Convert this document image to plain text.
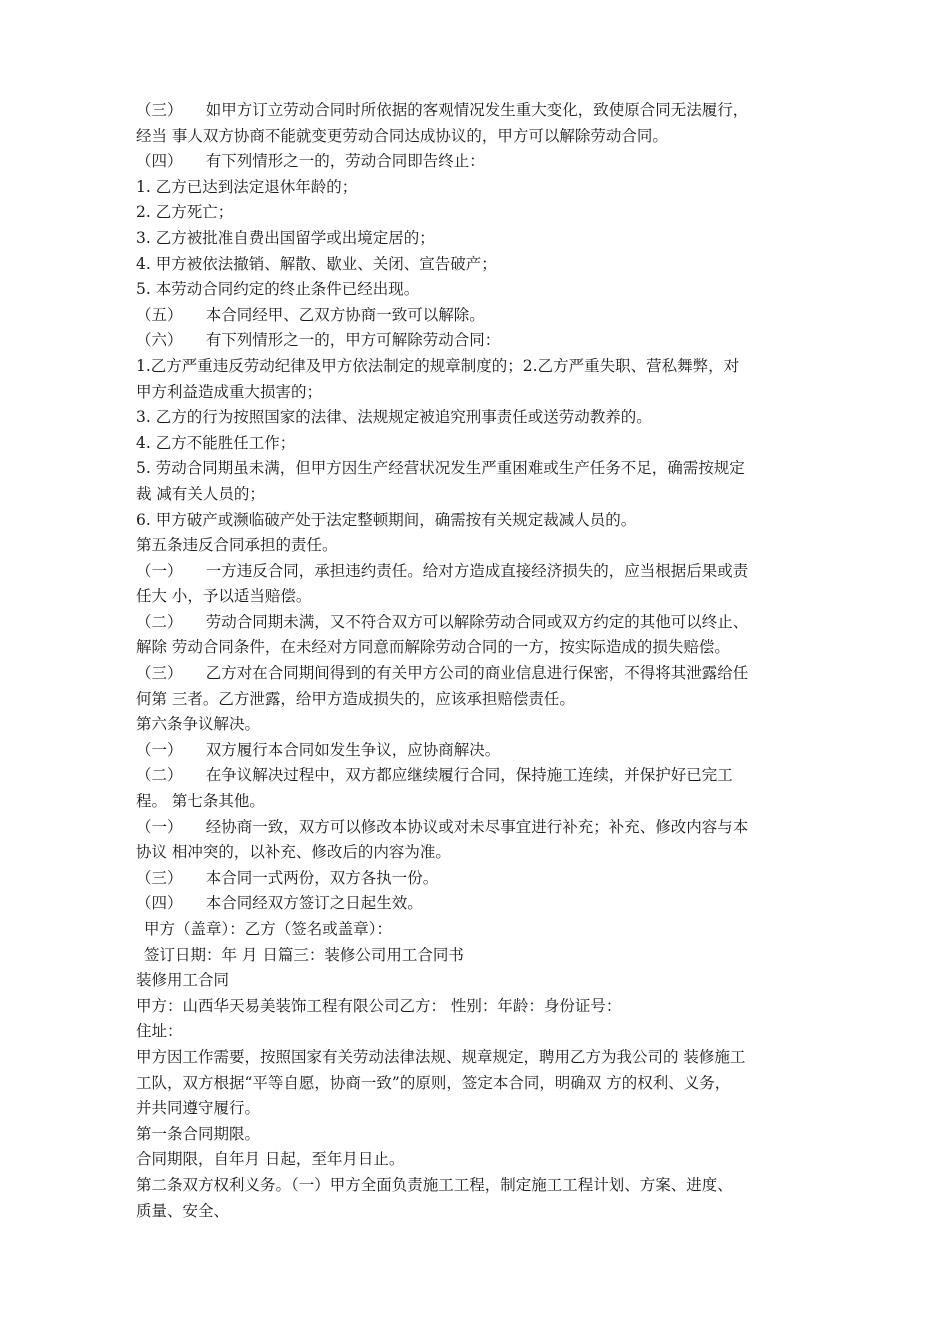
（三）　　如甲方订立劳动合同时所依据的客观情况发生重大变化，致使原合同无法履行，
经当 事人双方协商不能就变更劳动合同达成协议的，甲方可以解除劳动合同。
（四）　　有下列情形之一的，劳动合同即告终止：
1. 乙方已达到法定退休年龄的；
2. 乙方死亡；
3. 乙方被批准自费出国留学或出境定居的；
4. 甲方被依法撤销、解散、歇业、关闭、宣告破产；
5. 本劳动合同约定的终止条件已经出现。
（五）　　本合同经甲、乙双方协商一致可以解除。
（六）　　有下列情形之一的，甲方可解除劳动合同：
1.乙方严重违反劳动纪律及甲方依法制定的规章制度的；2.乙方严重失职、营私舞弊，对
甲方利益造成重大损害的；
3. 乙方的行为按照国家的法律、法规规定被追究刑事责任或送劳动教养的。
4. 乙方不能胜任工作；
5. 劳动合同期虽未满，但甲方因生产经营状况发生严重困难或生产任务不足，确需按规定
裁 减有关人员的；
6. 甲方破产或濒临破产处于法定整顿期间，确需按有关规定裁减人员的。
第五条违反合同承担的责任。
（一）　　一方违反合同，承担违约责任。给对方造成直接经济损失的，应当根据后果或责
任大 小，予以适当赔偿。
（二）　　劳动合同期未满，又不符合双方可以解除劳动合同或双方约定的其他可以终止、
解除 劳动合同条件，在未经对方同意而解除劳动合同的一方，按实际造成的损失赔偿。
（三）　　乙方对在合同期间得到的有关甲方公司的商业信息进行保密，不得将其泄露给任
何第 三者。乙方泄露，给甲方造成损失的，应该承担赔偿责任。
第六条争议解决。
（一）　　双方履行本合同如发生争议，应协商解决。
（二）　　在争议解决过程中，双方都应继续履行合同，保持施工连续，并保护好已完工
程。 第七条其他。
（一）　　经协商一致，双方可以修改本协议或对未尽事宜进行补充；补充、修改内容与本
协议 相冲突的，以补充、修改后的内容为准。
（三）　　本合同一式两份，双方各执一份。
（四）　　本合同经双方签订之日起生效。
甲方（盖章）：乙方（签名或盖章）：
签订日期：年 月 日篇三：装修公司用工合同书
装修用工合同
甲方：山西华天易美装饰工程有限公司乙方： 性别：年龄：身份证号：
住址：
甲方因工作需要，按照国家有关劳动法律法规、规章规定，聘用乙方为我公司的 装修施工
工队，双方根据“平等自愿，协商一致”的原则，签定本合同，明确双 方的权利、义务，
并共同遵守履行。
第一条合同期限。
合同期限，自年月 日起，至年月日止。
第二条双方权利义务。（一）甲方全面负责施工工程，制定施工工程计划、方案、进度、
质量、安全、
